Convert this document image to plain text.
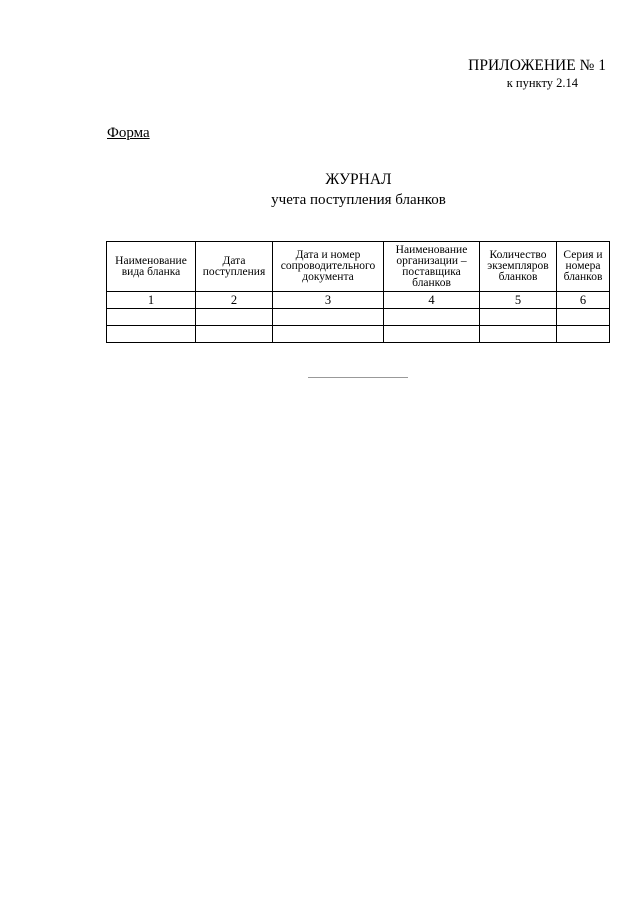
ПРИЛОЖЕНИЕ № 1
к пункту 2.14
Форма
ЖУРНАЛ
учета поступления бланков
Наименование вида бланка	Дата поступления	Дата и номер сопроводительного документа	Наименование организации – поставщика бланков	Количество экземпляров бланков	Серия и номера бланков
1	2	3	4	5	6
